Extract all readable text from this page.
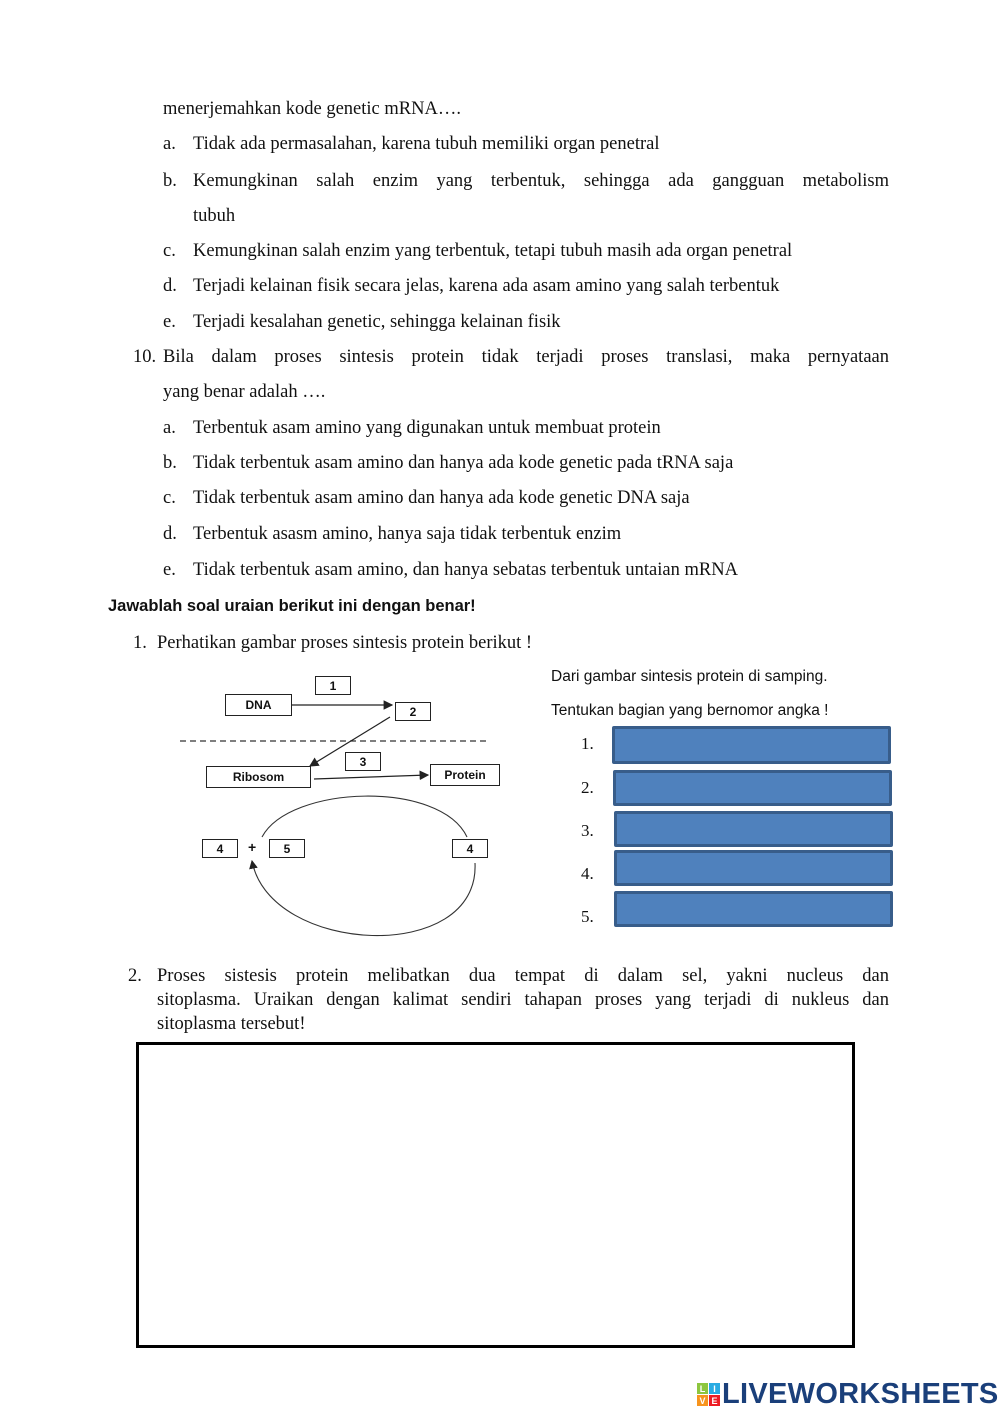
menerjemahkan kode genetic mRNA….
a. Tidak ada permasalahan, karena tubuh memiliki organ penetral
b. Kemungkinan salah enzim yang terbentuk, sehingga ada gangguan metabolism
tubuh
c. Kemungkinan salah enzim yang terbentuk, tetapi tubuh masih ada organ penetral
d. Terjadi kelainan fisik secara jelas, karena ada asam amino yang salah terbentuk
e. Terjadi kesalahan genetic, sehingga kelainan fisik
10. Bila dalam proses sintesis protein tidak terjadi proses translasi, maka pernyataan
yang benar adalah ….
a. Terbentuk asam amino yang digunakan untuk membuat protein
b. Tidak terbentuk asam amino dan hanya ada kode genetic pada tRNA saja
c. Tidak terbentuk asam amino dan hanya ada kode genetic DNA saja
d. Terbentuk asasm amino, hanya saja tidak terbentuk enzim
e. Tidak terbentuk asam amino, dan hanya sebatas terbentuk untaian mRNA
Jawablah soal uraian berikut ini dengan benar!
1. Perhatikan gambar proses sintesis protein berikut !
DNA
1
2
Ribosom
3
Protein
4	+	5	4
Dari gambar sintesis protein di samping.
Tentukan bagian yang bernomor angka !
1.
2.
3.
4.
5.
2. Proses sistesis protein melibatkan dua tempat di dalam sel, yakni nucleus dan
sitoplasma. Uraikan dengan kalimat sendiri tahapan proses yang terjadi di nukleus dan
sitoplasma tersebut!
L I
V E LIVEWORKSHEETS
